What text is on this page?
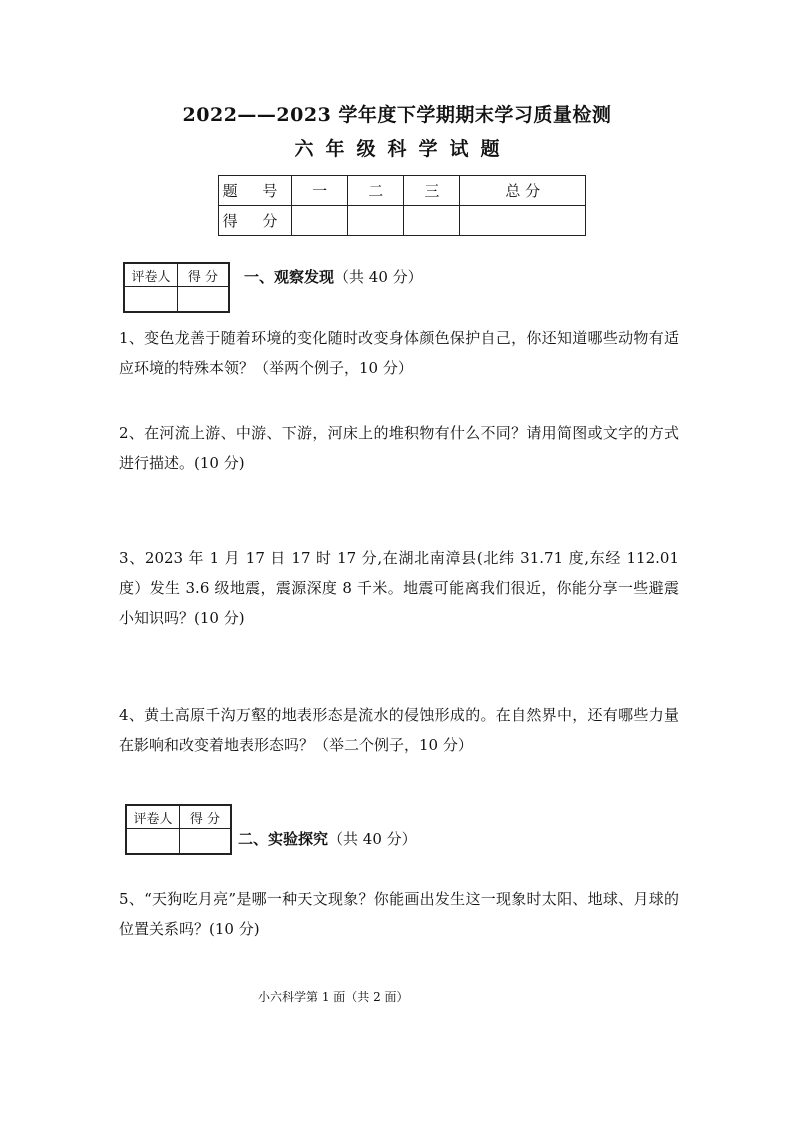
2022——2023 学年度下学期期末学习质量检测
六年级科学试题
题 号	一	二	三	总 分
得 分				
评卷人	得 分
	一、观察发现（共 40 分）
1、变色龙善于随着环境的变化随时改变身体颜色保护自己，你还知道哪些动物有适应环境的特殊本领？（举两个例子，10 分）
2、在河流上游、中游、下游，河床上的堆积物有什么不同？请用简图或文字的方式进行描述。(10 分)
3、2023 年 1 月 17 日 17 时 17 分,在湖北南漳县(北纬 31.71 度,东经 112.01 度）发生 3.6 级地震，震源深度 8 千米。地震可能离我们很近，你能分享一些避震小知识吗？(10 分)
4、黄土高原千沟万壑的地表形态是流水的侵蚀形成的。在自然界中，还有哪些力量在影响和改变着地表形态吗？（举二个例子，10 分）
评卷人	得 分

二、实验探究（共 40 分）
5、“天狗吃月亮”是哪一种天文现象？你能画出发生这一现象时太阳、地球、月球的位置关系吗？(10 分)
小六科学第 1 面（共 2 面）
